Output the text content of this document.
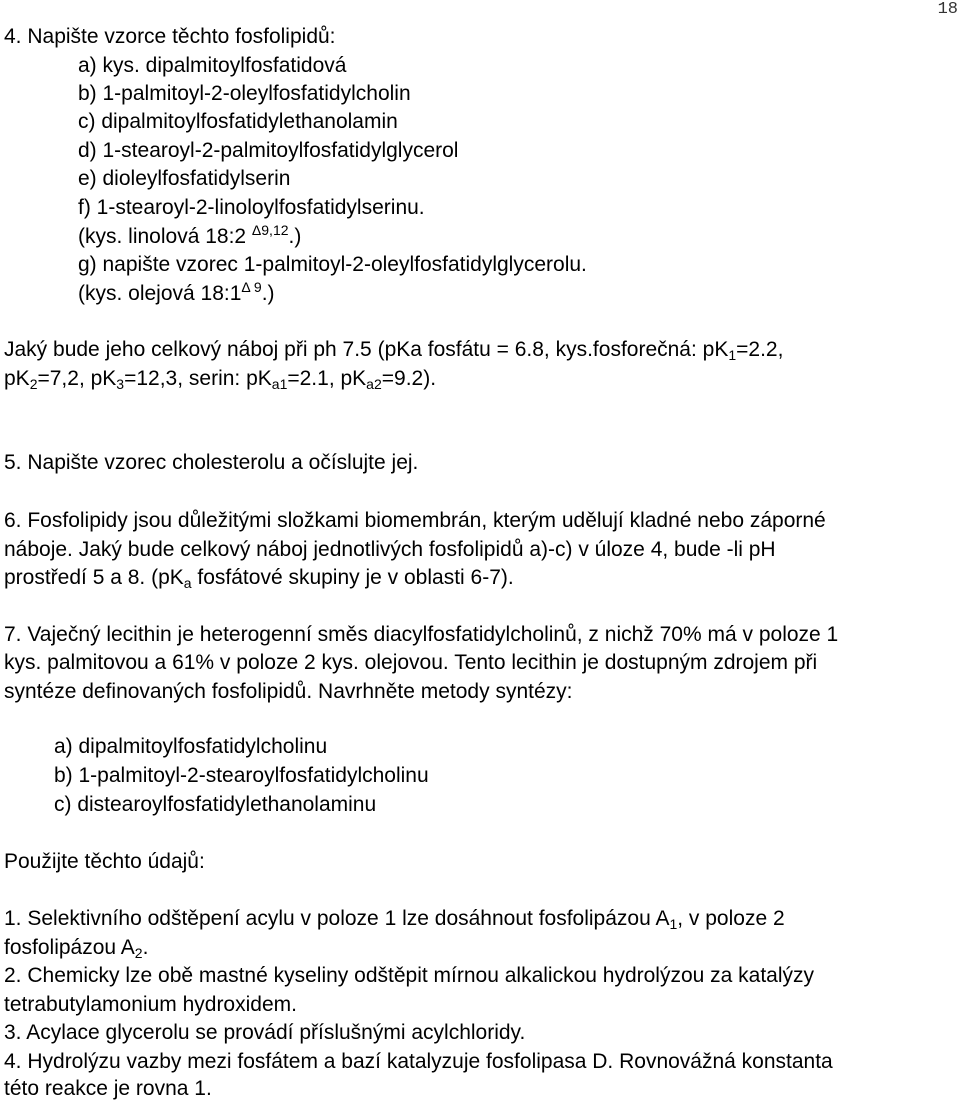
18
4. Napište vzorce těchto fosfolipidů:
a) kys. dipalmitoylfosfatidová
b) 1-palmitoyl-2-oleylfosfatidylcholin
c) dipalmitoylfosfatidylethanolamin
d) 1-stearoyl-2-palmitoylfosfatidylglycerol
e) dioleylfosfatidylserin
f) 1-stearoyl-2-linoloylfosfatidylserinu.
(kys. linolová 18:2 $^{\Delta 9,12}$.)
g) napište vzorec 1-palmitoyl-2-oleylfosfatidylglycerolu.
(kys. olejová $18:1^{\Delta 9}$.)
Jaký bude jeho celkový náboj při ph 7.5 (pKa fosfátu = 6.8, kys.fosforečná: $pK_1=2.2$,
$pK_2=7,2$, $pK_3=12,3$, serin: $pK_{a1}=2.1$, $pK_{a2}=9.2$).
5. Napište vzorec cholesterolu a očíslujte jej.
6. Fosfolipidy jsou důležitými složkami biomembrán, kterým udělují kladné nebo záporné
náboje. Jaký bude celkový náboj jednotlivých fosfolipidů a)-c) v úloze 4, bude -li pH
prostředí 5 a 8. ($pK_a$ fosfátové skupiny je v oblasti 6-7).
7. Vaječný lecithin je heterogenní směs diacylfosfatidylcholinů, z nichž 70% má v poloze 1
kys. palmitovou a 61% v poloze 2 kys. olejovou. Tento lecithin je dostupným zdrojem při
syntéze definovaných fosfolipidů. Navrhněte metody syntézy:
a) dipalmitoylfosfatidylcholinu
b) 1-palmitoyl-2-stearoylfosfatidylcholinu
c) distearoylfosfatidylethanolaminu
Použijte těchto údajů:
1. Selektivního odštěpení acylu v poloze 1 lze dosáhnout fosfolipázou $A_1$, v poloze 2
fosfolipázou $A_2$.
2. Chemicky lze obě mastné kyseliny odštěpit mírnou alkalickou hydrolýzou za katalýzy
tetrabutylamonium hydroxidem.
3. Acylace glycerolu se provádí příslušnými acylchloridy.
4. Hydrolýzu vazby mezi fosfátem a bazí katalyzuje fosfolipasa D. Rovnovážná konstanta
této reakce je rovna 1.
